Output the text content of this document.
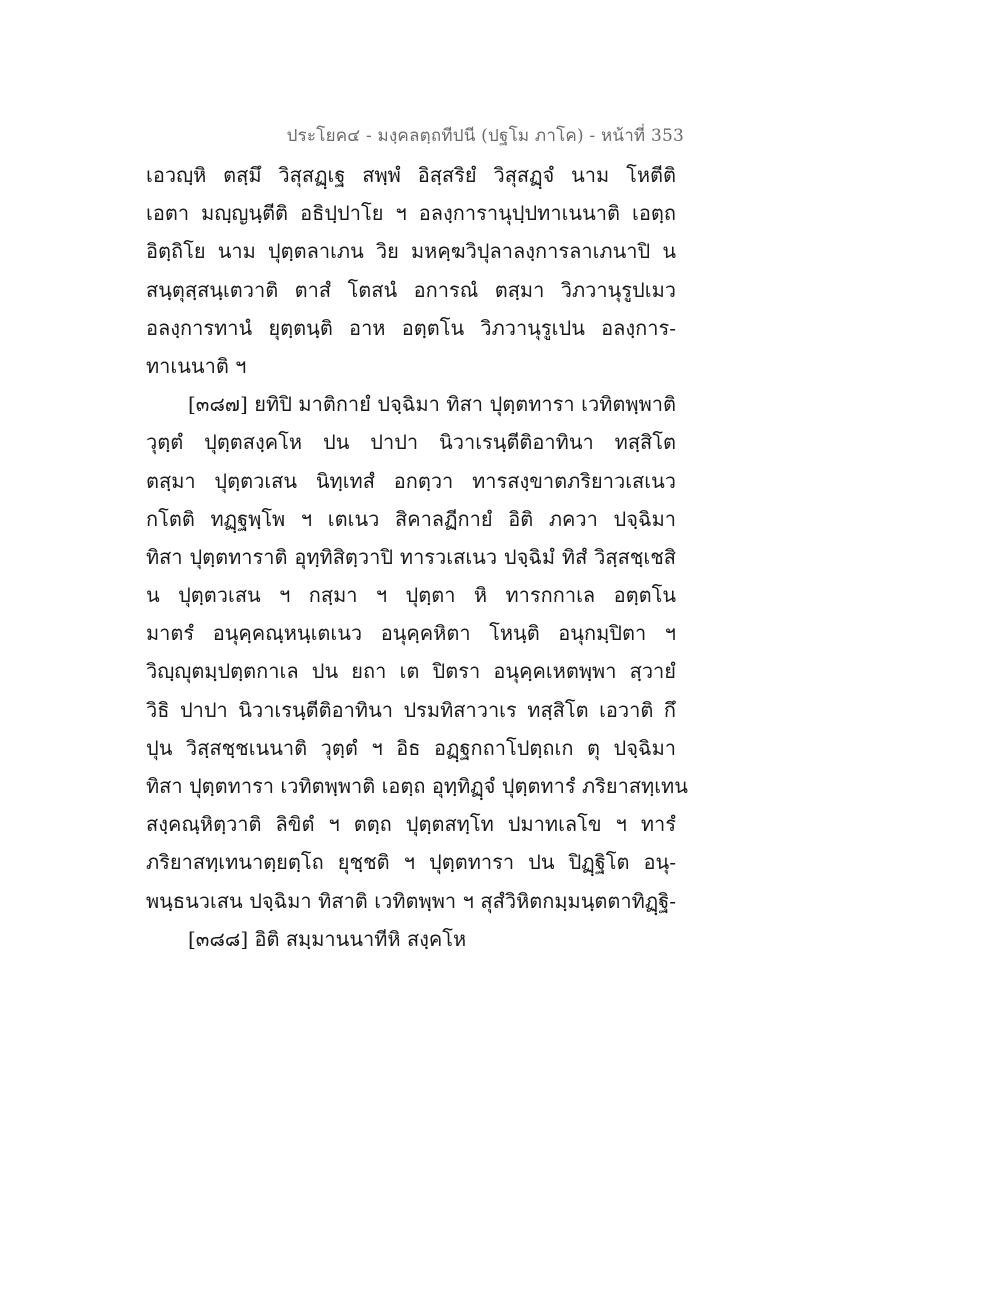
ประโยค๔ - มงฺคลตฺถทีปนี (ปฐโม ภาโค) - หน้าที่ 353
เอวญฺหิ ตสฺมึ วิสุสฏฺเฐ สพฺพํ อิสฺสริยํ วิสุสฏฺจํ นาม โหตีติ
เอตา มญฺญนฺตีติ อธิปฺปาโย ฯ อลงฺการานุปฺปทาเนนาติ เอตฺถ
อิตฺถิโย นาม ปุตฺตลาเภน วิย มหคฺฆวิปุลาลงฺการลาเภนาปิ น
สนฺตุสฺสนฺเตวาติ ตาสํ โตสนํ อการณํ ตสฺมา วิภวานุรูปเมว
อลงฺการทานํ ยุตฺตนฺติ อาห อตฺตโน วิภวานุรูเปน อลงฺการ-
ทาเนนาติ ฯ
[๓๘๗] ยทิปิ มาติกายํ ปจฺฉิมา ทิสา ปุตฺตทารา เวทิตพฺพาติ
วุตฺตํ ปุตฺตสงฺคโห ปน ปาปา นิวาเรนฺตีติอาทินา ทสฺสิโต
ตสฺมา ปุตฺตวเสน นิทฺเทสํ อกตฺวา ทารสงฺขาตภริยาวเสเนว
กโตติ ทฏฺฐพฺโพ ฯ เตเนว สิคาลฏีกายํ อิติ ภควา ปจฺฉิมา
ทิสา ปุตฺตทาราติ อุทฺทิสิตฺวาปิ ทารวเสเนว ปจฺฉิมํ ทิสํ วิสฺสชฺเชสิ
น ปุตฺตวเสน ฯ กสฺมา ฯ ปุตฺตา หิ ทารกกาเล อตฺตโน
มาตรํ อนุคฺคณฺหนฺเตเนว อนุคฺคหิตา โหนฺติ อนุกมฺปิตา ฯ
วิญฺญุตมฺปตฺตกาเล ปน ยถา เต ปิตรา อนุคฺคเหตพฺพา สฺวายํ
วิธิ ปาปา นิวาเรนฺตีติอาทินา ปรมทิสาวาเร ทสฺสิโต เอวาติ กึ
ปุน วิสฺสชฺชเนนาติ วุตฺตํ ฯ อิธ อฏฺฐกถาโปตฺถเก ตุ ปจฺฉิมา
ทิสา ปุตฺตทารา เวทิตพฺพาติ เอตฺถ อุทฺทิฏฺจํ ปุตฺตทารํ ภริยาสทฺเทน
สงฺคณฺหิตฺวาติ ลิขิตํ ฯ ตตฺถ ปุตฺตสทฺโท ปมาทเลโข ฯ ทารํ
ภริยาสทฺเทนาตฺยตฺโถ ยุชฺชติ ฯ ปุตฺตทารา ปน ปิฏฺฐิโต อนุ-
พนฺธนวเสน ปจฺฉิมา ทิสาติ เวทิตพฺพา ฯ สุสํวิหิตกมฺมนฺตตาทิฏฺฐิ-
[๓๘๘] อิติ สมฺมานนาทีหิ สงฺคโห
